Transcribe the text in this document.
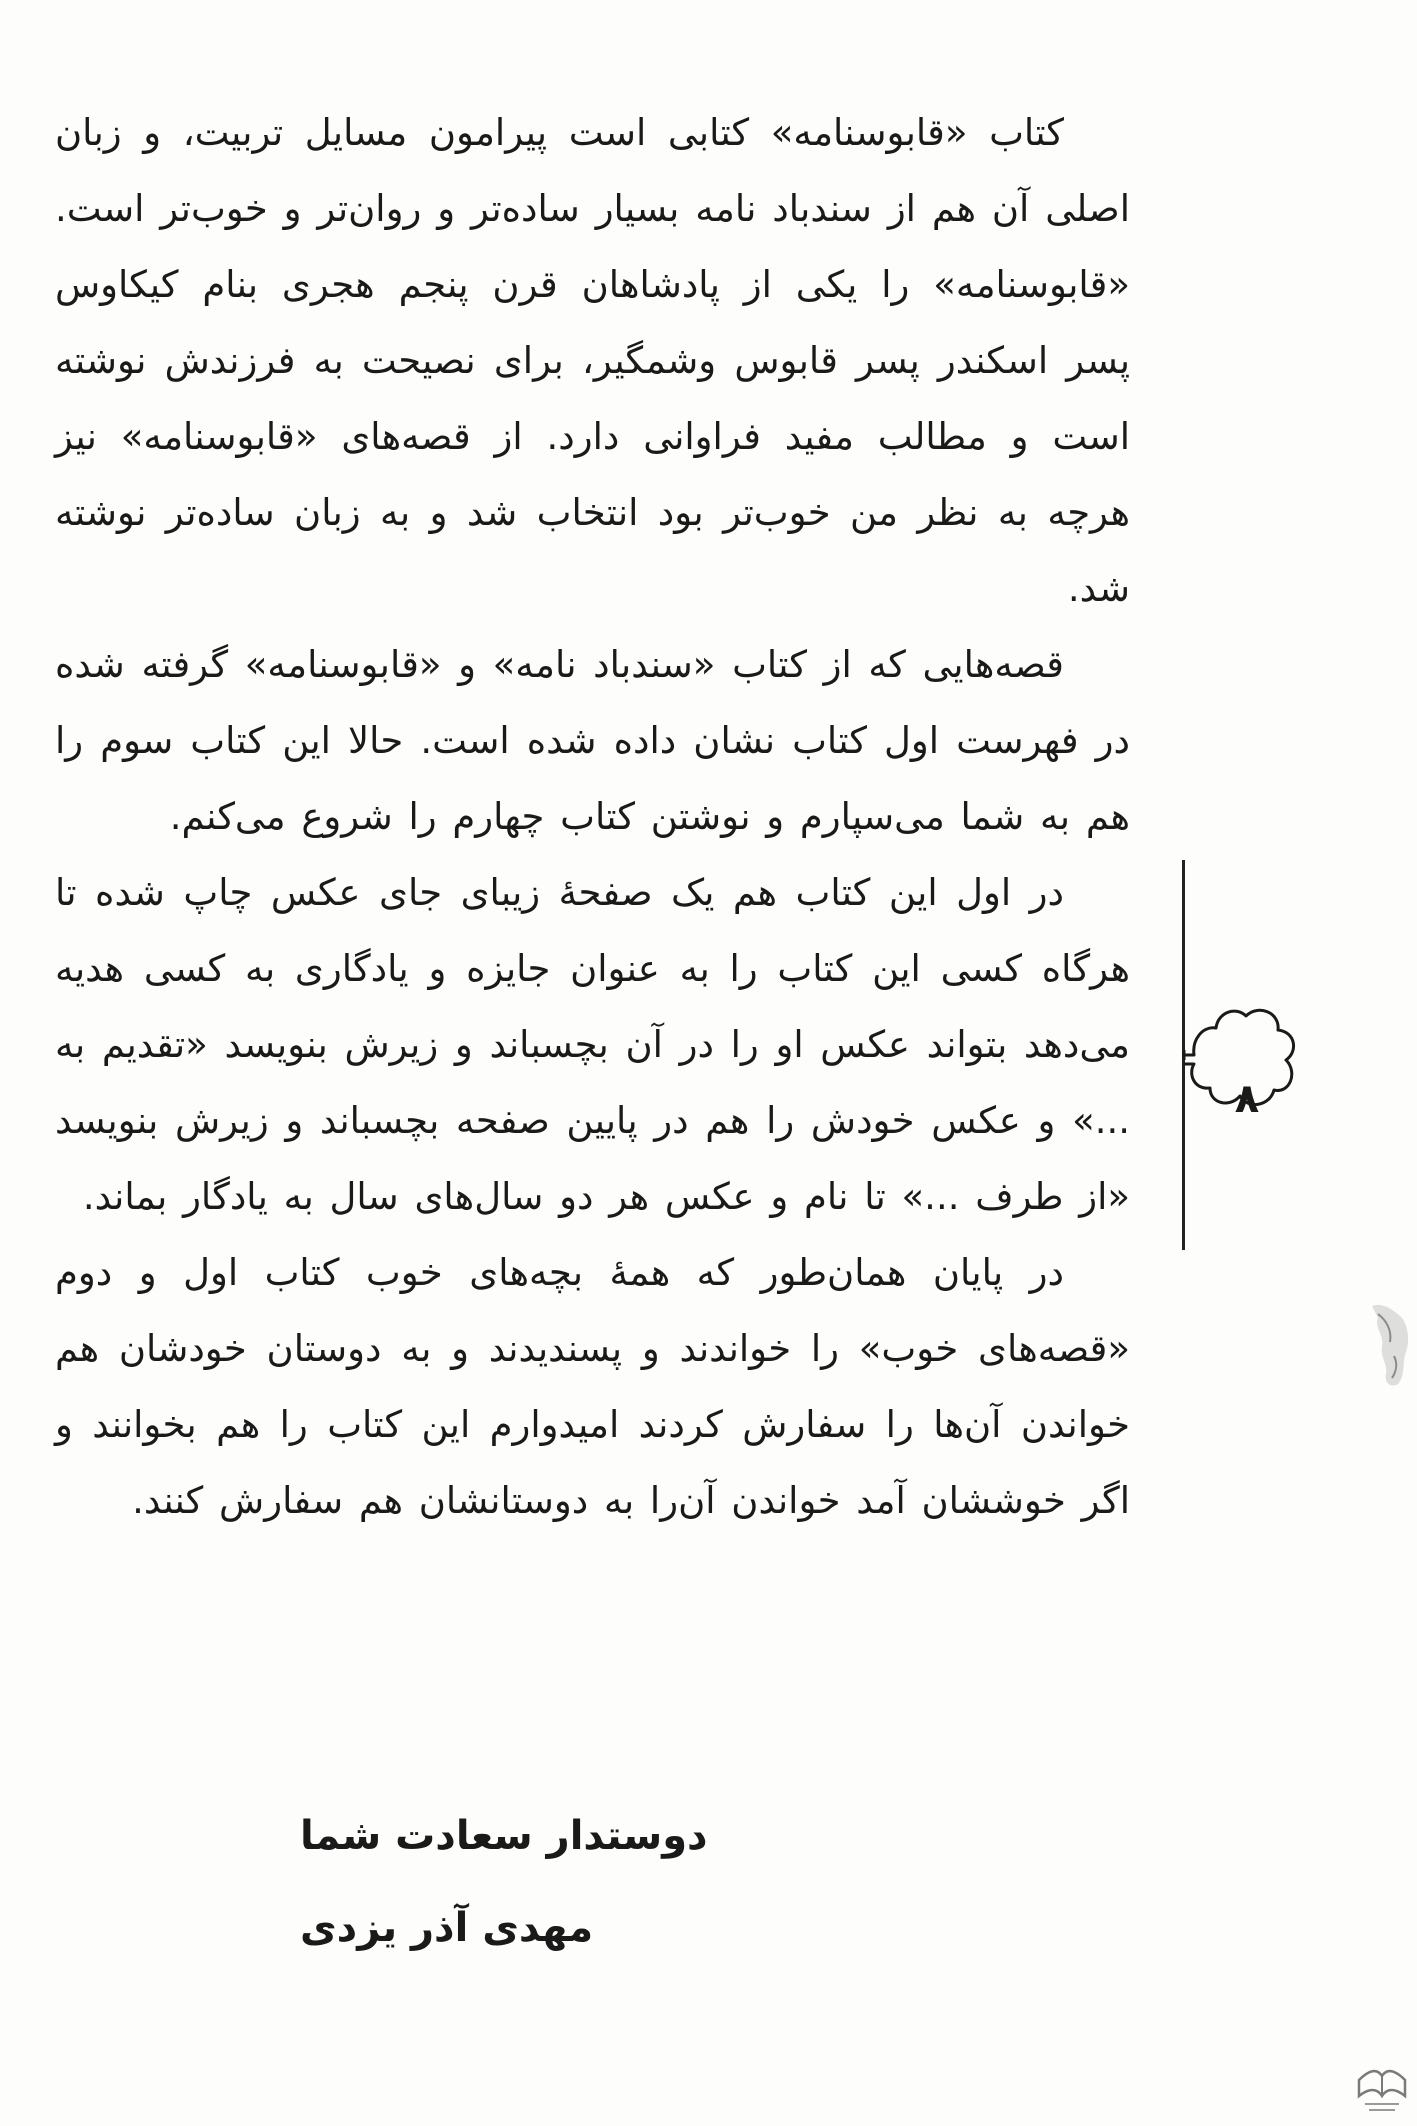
کتاب «قابوسنامه» کتابی است پیرامون مسایل تربیت، و زبان اصلی آن هم از سندباد نامه بسیار ساده‌تر و روان‌تر و خوب‌تر است. «قابوسنامه» را یکی از پادشاهان قرن پنجم هجری بنام کیکاوس پسر اسکندر پسر قابوس وشمگیر، برای نصیحت به فرزندش نوشته است و مطالب مفید فراوانی دارد. از قصه‌های «قابوسنامه» نیز هرچه به نظر من خوب‌تر بود انتخاب شد و به زبان ساده‌تر نوشته شد.

قصه‌هایی که از کتاب «سندباد نامه» و «قابوسنامه» گرفته شده در فهرست اول کتاب نشان داده شده است. حالا این کتاب سوم را هم به شما می‌سپارم و نوشتن کتاب چهارم را شروع می‌کنم.

در اول این کتاب هم یک صفحهٔ زیبای جای عکس چاپ شده تا هرگاه کسی این کتاب را به عنوان جایزه و یادگاری به کسی هدیه می‌دهد بتواند عکس او را در آن بچسباند و زیرش بنویسد «تقدیم به ...» و عکس خودش را هم در پایین صفحه بچسباند و زیرش بنویسد «از طرف ...» تا نام و عکس هر دو سال‌های سال به یادگار بماند.

در پایان همان‌طور که همهٔ بچه‌های خوب کتاب اول و دوم «قصه‌های خوب» را خواندند و پسندیدند و به دوستان خودشان هم خواندن آن‌ها را سفارش کردند امیدوارم این کتاب را هم بخوانند و اگر خوششان آمد خواندن آن‌را به دوستانشان هم سفارش کنند.

دوستدار سعادت شما
مهدی آذر یزدی
۸
